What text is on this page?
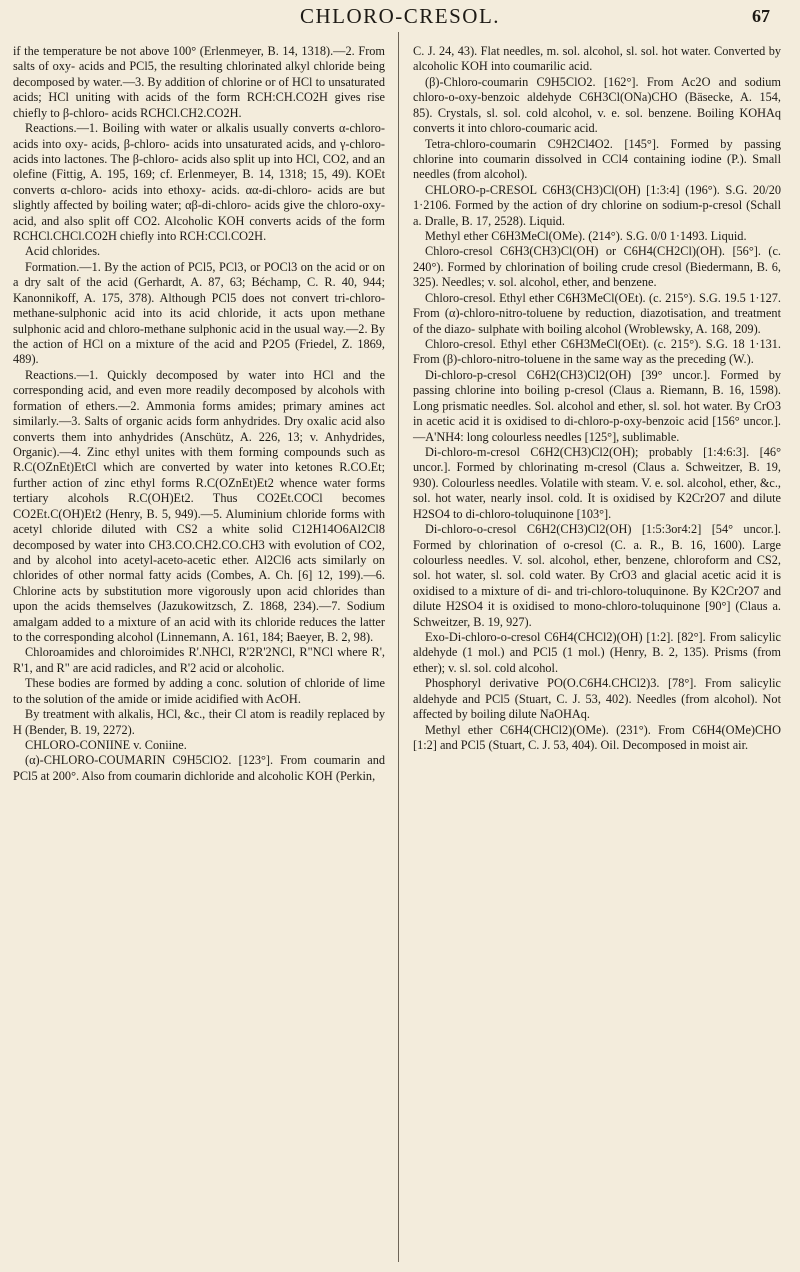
CHLORO-CRESOL.	67

if the temperature be not above 100° (Erlenmeyer, B. 14, 1318).—2. From salts of oxy- acids and PCl5, the resulting chlorinated alkyl chloride being decomposed by water.—3. By addition of chlorine or of HCl to unsaturated acids; HCl uniting with acids of the form RCH:CH.CO2H gives rise chiefly to β-chloro- acids RCHCl.CH2.CO2H.

Reactions.—1. Boiling with water or alkalis usually converts α-chloro- acids into oxy- acids, β-chloro- acids into unsaturated acids, and γ-chloro- acids into lactones. The β-chloro- acids also split up into HCl, CO2, and an olefine (Fittig, A. 195, 169; cf. Erlenmeyer, B. 14, 1318; 15, 49). KOEt converts α-chloro- acids into ethoxy- acids. αα-di-chloro- acids are but slightly affected by boiling water; αβ-di-chloro- acids give the chloro-oxy- acid, and also split off CO2. Alcoholic KOH converts acids of the form RCHCl.CHCl.CO2H chiefly into RCH:CCl.CO2H.

Acid chlorides.

Formation.—1. By the action of PCl5, PCl3, or POCl3 on the acid or on a dry salt of the acid (Gerhardt, A. 87, 63; Béchamp, C. R. 40, 944; Kanonnikoff, A. 175, 378). Although PCl5 does not convert tri-chloro-methane-sulphonic acid into its acid chloride, it acts upon methane sulphonic acid and chloro-methane sulphonic acid in the usual way.—2. By the action of HCl on a mixture of the acid and P2O5 (Friedel, Z. 1869, 489).

Reactions.—1. Quickly decomposed by water into HCl and the corresponding acid, and even more readily decomposed by alcohols with formation of ethers.—2. Ammonia forms amides; primary amines act similarly.—3. Salts of organic acids form anhydrides. Dry oxalic acid also converts them into anhydrides (Anschütz, A. 226, 13; v. Anhydrides, Organic).—4. Zinc ethyl unites with them forming compounds such as R.C(OZnEt)EtCl which are converted by water into ketones R.CO.Et; further action of zinc ethyl forms R.C(OZnEt)Et2 whence water forms tertiary alcohols R.C(OH)Et2. Thus CO2Et.COCl becomes CO2Et.C(OH)Et2 (Henry, B. 5, 949).—5. Aluminium chloride forms with acetyl chloride diluted with CS2 a white solid C12H14O6Al2Cl8 decomposed by water into CH3.CO.CH2.CO.CH3 with evolution of CO2, and by alcohol into acetyl-aceto-acetic ether. Al2Cl6 acts similarly on chlorides of other normal fatty acids (Combes, A. Ch. [6] 12, 199).—6. Chlorine acts by substitution more vigorously upon acid chlorides than upon the acids themselves (Jazukowitzsch, Z. 1868, 234).—7. Sodium amalgam added to a mixture of an acid with its chloride reduces the latter to the corresponding alcohol (Linnemann, A. 161, 184; Baeyer, B. 2, 98).

Chloroamides and chloroimides R'.NHCl, R'2R'2NCl, R"NCl where R', R'1, and R" are acid radicles, and R'2 acid or alcoholic.

These bodies are formed by adding a conc. solution of chloride of lime to the solution of the amide or imide acidified with AcOH.

By treatment with alkalis, HCl, &c., their Cl atom is readily replaced by H (Bender, B. 19, 2272).

CHLORO-CONIINE v. Coniine.

(α)-CHLORO-COUMARIN C9H5ClO2. [123°]. From coumarin and PCl5 at 200°. Also from coumarin dichloride and alcoholic KOH (Perkin,

C. J. 24, 43). Flat needles, m. sol. alcohol, sl. sol. hot water. Converted by alcoholic KOH into coumarilic acid.

(β)-Chloro-coumarin C9H5ClO2. [162°]. From Ac2O and sodium chloro-o-oxy-benzoic aldehyde C6H3Cl(ONa)CHO (Bäsecke, A. 154, 85). Crystals, sl. sol. cold alcohol, v. e. sol. benzene. Boiling KOHAq converts it into chloro-coumaric acid.

Tetra-chloro-coumarin C9H2Cl4O2. [145°]. Formed by passing chlorine into coumarin dissolved in CCl4 containing iodine (P.). Small needles (from alcohol).

CHLORO-p-CRESOL C6H3(CH3)Cl(OH) [1:3:4] (196°). S.G. 20/20 1·2106. Formed by the action of dry chlorine on sodium-p-cresol (Schall a. Dralle, B. 17, 2528). Liquid.

Methyl ether C6H3MeCl(OMe). (214°). S.G. 0/0 1·1493. Liquid.

Chloro-cresol C6H3(CH3)Cl(OH) or C6H4(CH2Cl)(OH). [56°]. (c. 240°). Formed by chlorination of boiling crude cresol (Biedermann, B. 6, 325). Needles; v. sol. alcohol, ether, and benzene.

Chloro-cresol. Ethyl ether C6H3MeCl(OEt). (c. 215°). S.G. 19.5 1·127. From (α)-chloro-nitro-toluene by reduction, diazotisation, and treatment of the diazo- sulphate with boiling alcohol (Wroblewsky, A. 168, 209).

Chloro-cresol. Ethyl ether C6H3MeCl(OEt). (c. 215°). S.G. 18 1·131. From (β)-chloro-nitro-toluene in the same way as the preceding (W.).

Di-chloro-p-cresol C6H2(CH3)Cl2(OH) [39° uncor.]. Formed by passing chlorine into boiling p-cresol (Claus a. Riemann, B. 16, 1598). Long prismatic needles. Sol. alcohol and ether, sl. sol. hot water. By CrO3 in acetic acid it is oxidised to di-chloro-p-oxy-benzoic acid [156° uncor.].—A'NH4: long colourless needles [125°], sublimable.

Di-chloro-m-cresol C6H2(CH3)Cl2(OH); probably [1:4:6:3]. [46° uncor.]. Formed by chlorinating m-cresol (Claus a. Schweitzer, B. 19, 930). Colourless needles. Volatile with steam. V. e. sol. alcohol, ether, &c., sol. hot water, nearly insol. cold. It is oxidised by K2Cr2O7 and dilute H2SO4 to di-chloro-toluquinone [103°].

Di-chloro-o-cresol C6H2(CH3)Cl2(OH) [1:5:3or4:2] [54° uncor.]. Formed by chlorination of o-cresol (C. a. R., B. 16, 1600). Large colourless needles. V. sol. alcohol, ether, benzene, chloroform and CS2, sol. hot water, sl. sol. cold water. By CrO3 and glacial acetic acid it is oxidised to a mixture of di- and tri-chloro-toluquinone. By K2Cr2O7 and dilute H2SO4 it is oxidised to mono-chloro-toluquinone [90°] (Claus a. Schweitzer, B. 19, 927).

Exo-Di-chloro-o-cresol C6H4(CHCl2)(OH) [1:2]. [82°]. From salicylic aldehyde (1 mol.) and PCl5 (1 mol.) (Henry, B. 2, 135). Prisms (from ether); v. sl. sol. cold alcohol.

Phosphoryl derivative PO(O.C6H4.CHCl2)3. [78°]. From salicylic aldehyde and PCl5 (Stuart, C. J. 53, 402). Needles (from alcohol). Not affected by boiling dilute NaOHAq.

Methyl ether C6H4(CHCl2)(OMe). (231°). From C6H4(OMe)CHO [1:2] and PCl5 (Stuart, C. J. 53, 404). Oil. Decomposed in moist air.
